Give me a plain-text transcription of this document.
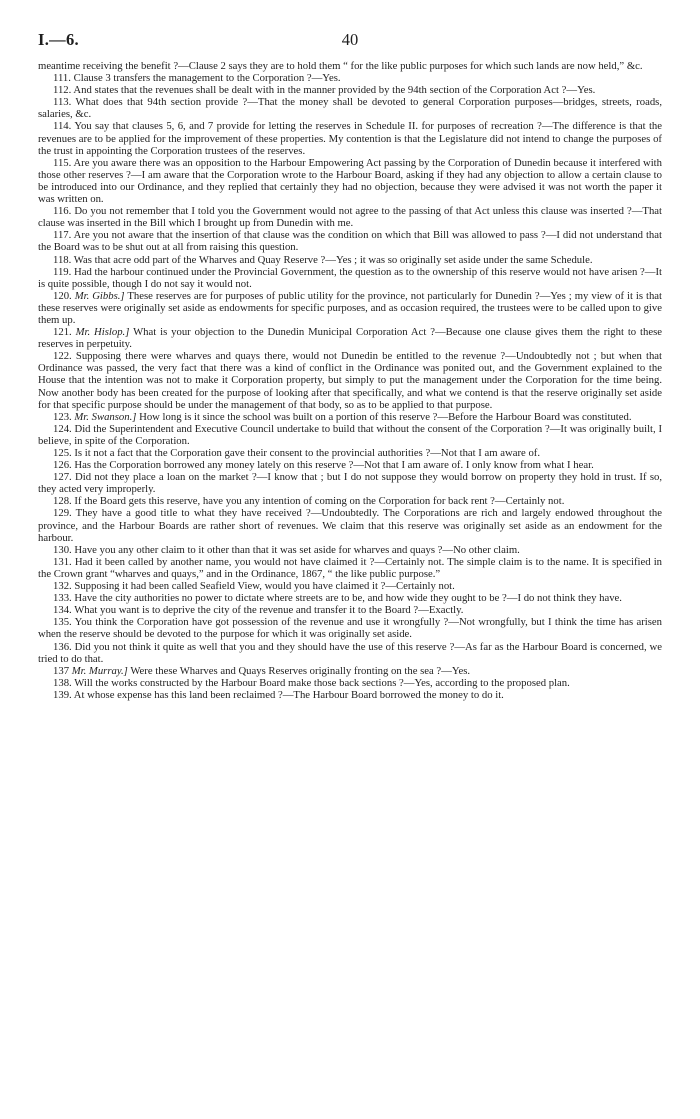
I.—6.	40

meantime receiving the benefit ?—Clause 2 says they are to hold them “ for the like public purposes for which such lands are now held,” &c.

111. Clause 3 transfers the management to the Corporation ?—Yes.

112. And states that the revenues shall be dealt with in the manner provided by the 94th section of the Corporation Act ?—Yes.

113. What does that 94th section provide ?—That the money shall be devoted to general Corporation purposes—bridges, streets, roads, salaries, &c.

114. You say that clauses 5, 6, and 7 provide for letting the reserves in Schedule II. for purposes of recreation ?—The difference is that the revenues are to be applied for the improvement of these properties. My contention is that the Legislature did not intend to change the purposes of the trust in appointing the Corporation trustees of the reserves.

115. Are you aware there was an opposition to the Harbour Empowering Act passing by the Corporation of Dunedin because it interfered with those other reserves ?—I am aware that the Corporation wrote to the Harbour Board, asking if they had any objection to allow a certain clause to be introduced into our Ordinance, and they replied that certainly they had no objection, because they were advised it was not worth the paper it was written on.

116. Do you not remember that I told you the Government would not agree to the passing of that Act unless this clause was inserted ?—That clause was inserted in the Bill which I brought up from Dunedin with me.

117. Are you not aware that the insertion of that clause was the condition on which that Bill was allowed to pass ?—I did not understand that the Board was to be shut out at all from raising this question.

118. Was that acre odd part of the Wharves and Quay Reserve ?—Yes ; it was so originally set aside under the same Schedule.

119. Had the harbour continued under the Provincial Government, the question as to the ownership of this reserve would not have arisen ?—It is quite possible, though I do not say it would not.

120. Mr. Gibbs.] These reserves are for purposes of public utility for the province, not particularly for Dunedin ?—Yes ; my view of it is that these reserves were originally set aside as endowments for specific purposes, and as occasion required, the trustees were to be called upon to give them up.

121. Mr. Hislop.] What is your objection to the Dunedin Municipal Corporation Act ?—Because one clause gives them the right to these reserves in perpetuity.

122. Supposing there were wharves and quays there, would not Dunedin be entitled to the revenue ?—Undoubtedly not ; but when that Ordinance was passed, the very fact that there was a kind of conflict in the Ordinance was ponited out, and the Government explained to the House that the intention was not to make it Corporation property, but simply to put the management under the Corporation for the time being. Now another body has been created for the purpose of looking after that specifically, and what we contend is that the reserve originally set aside for that specific purpose should be under the management of that body, so as to be applied to that purpose.

123. Mr. Swanson.] How long is it since the school was built on a portion of this reserve ?—Before the Harbour Board was constituted.

124. Did the Superintendent and Executive Council undertake to build that without the consent of the Corporation ?—It was originally built, I believe, in spite of the Corporation.

125. Is it not a fact that the Corporation gave their consent to the provincial authorities ?—Not that I am aware of.

126. Has the Corporation borrowed any money lately on this reserve ?—Not that I am aware of. I only know from what I hear.

127. Did not they place a loan on the market ?—I know that ; but I do not suppose they would borrow on property they hold in trust. If so, they acted very improperly.

128. If the Board gets this reserve, have you any intention of coming on the Corporation for back rent ?—Certainly not.

129. They have a good title to what they have received ?—Undoubtedly. The Corporations are rich and largely endowed throughout the province, and the Harbour Boards are rather short of revenues. We claim that this reserve was originally set aside as an endowment for the harbour.

130. Have you any other claim to it other than that it was set aside for wharves and quays ?—No other claim.

131. Had it been called by another name, you would not have claimed it ?—Certainly not. The simple claim is to the name. It is specified in the Crown grant “wharves and quays,” and in the Ordinance, 1867, “ the like public purpose.”

132. Supposing it had been called Seafield View, would you have claimed it ?—Certainly not.

133. Have the city authorities no power to dictate where streets are to be, and how wide they ought to be ?—I do not think they have.

134. What you want is to deprive the city of the revenue and transfer it to the Board ?—Exactly.

135. You think the Corporation have got possession of the revenue and use it wrongfully ?—Not wrongfully, but I think the time has arisen when the reserve should be devoted to the purpose for which it was originally set aside.

136. Did you not think it quite as well that you and they should have the use of this reserve ?—As far as the Harbour Board is concerned, we tried to do that.

137 Mr. Murray.] Were these Wharves and Quays Reserves originally fronting on the sea ?—Yes.

138. Will the works constructed by the Harbour Board make those back sections ?—Yes, according to the proposed plan.

139. At whose expense has this land been reclaimed ?—The Harbour Board borrowed the money to do it.
